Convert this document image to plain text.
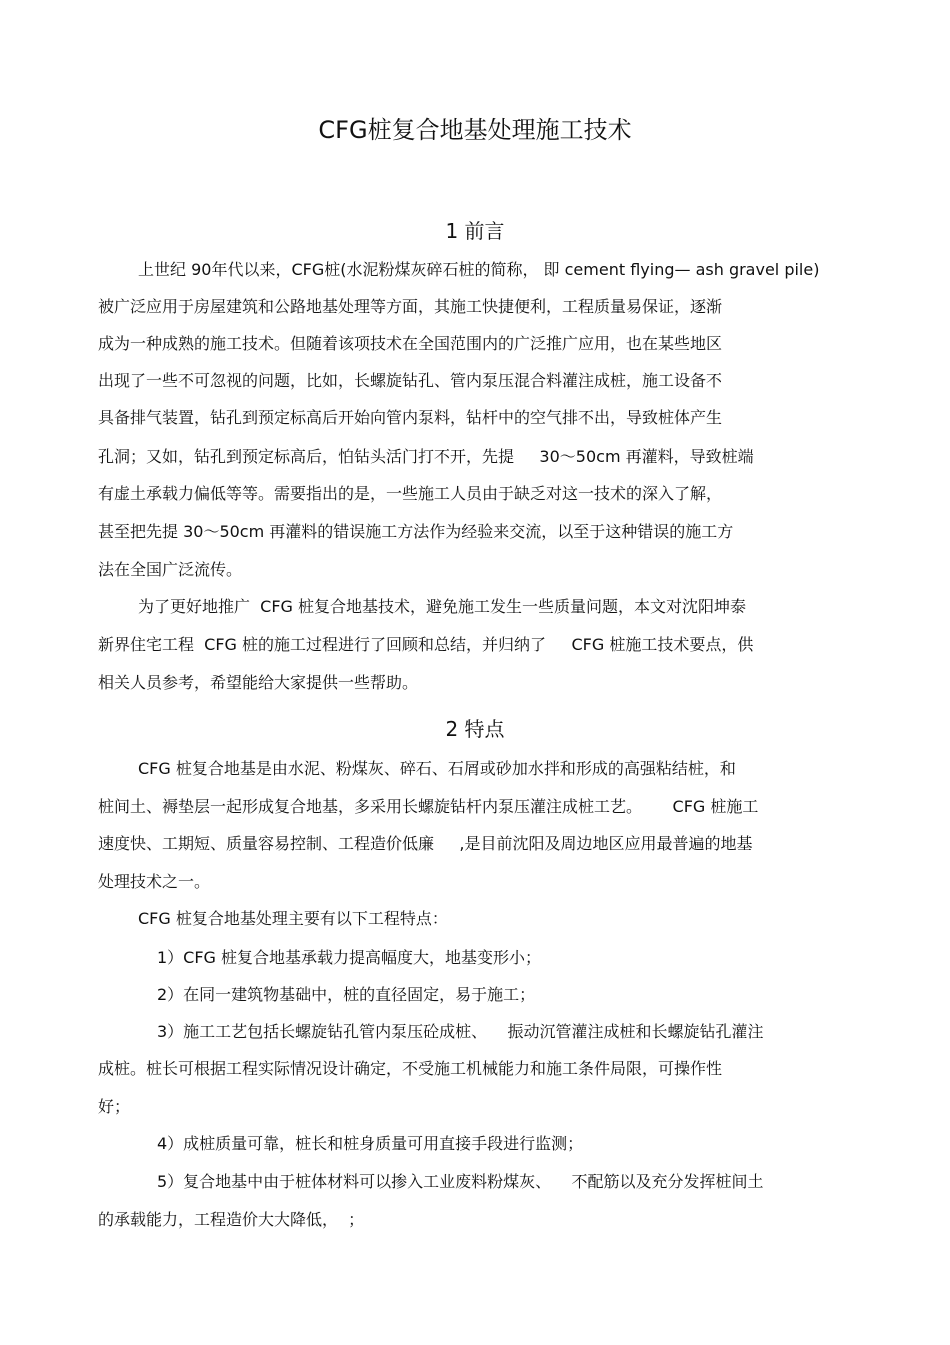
CFG桩复合地基处理施工技术
1 前言
上世纪 90年代以来，CFG桩(水泥粉煤灰碎石桩的简称， 即 cement flying— ash gravel pile)
被广泛应用于房屋建筑和公路地基处理等方面，其施工快捷便利，工程质量易保证，逐渐
成为一种成熟的施工技术。但随着该项技术在全国范围内的广泛推广应用，也在某些地区
出现了一些不可忽视的问题，比如，长螺旋钻孔、管内泵压混合料灌注成桩，施工设备不
具备排气装置，钻孔到预定标高后开始向管内泵料，钻杆中的空气排不出，导致桩体产生
孔洞；又如，钻孔到预定标高后，怕钻头活门打不开，先提     30～50cm 再灌料，导致桩端
有虚土承载力偏低等等。需要指出的是，一些施工人员由于缺乏对这一技术的深入了解，
甚至把先提 30～50cm 再灌料的错误施工方法作为经验来交流，以至于这种错误的施工方
法在全国广泛流传。
为了更好地推广  CFG 桩复合地基技术，避免施工发生一些质量问题，本文对沈阳坤泰
新界住宅工程  CFG 桩的施工过程进行了回顾和总结，并归纳了     CFG 桩施工技术要点，供
相关人员参考，希望能给大家提供一些帮助。
2 特点
CFG 桩复合地基是由水泥、粉煤灰、碎石、石屑或砂加水拌和形成的高强粘结桩，和
桩间土、褥垫层一起形成复合地基，多采用长螺旋钻杆内泵压灌注成桩工艺。      CFG 桩施工
速度快、工期短、质量容易控制、工程造价低廉     ,是目前沈阳及周边地区应用最普遍的地基
处理技术之一。
CFG 桩复合地基处理主要有以下工程特点：
1）CFG 桩复合地基承载力提高幅度大，地基变形小；
2）在同一建筑物基础中，桩的直径固定，易于施工；
3）施工工艺包括长螺旋钻孔管内泵压砼成桩、    振动沉管灌注成桩和长螺旋钻孔灌注
成桩。桩长可根据工程实际情况设计确定，不受施工机械能力和施工条件局限，可操作性
好；
4）成桩质量可靠，桩长和桩身质量可用直接手段进行监测；
5）复合地基中由于桩体材料可以掺入工业废料粉煤灰、    不配筋以及充分发挥桩间土
的承载能力，工程造价大大降低，  ；
